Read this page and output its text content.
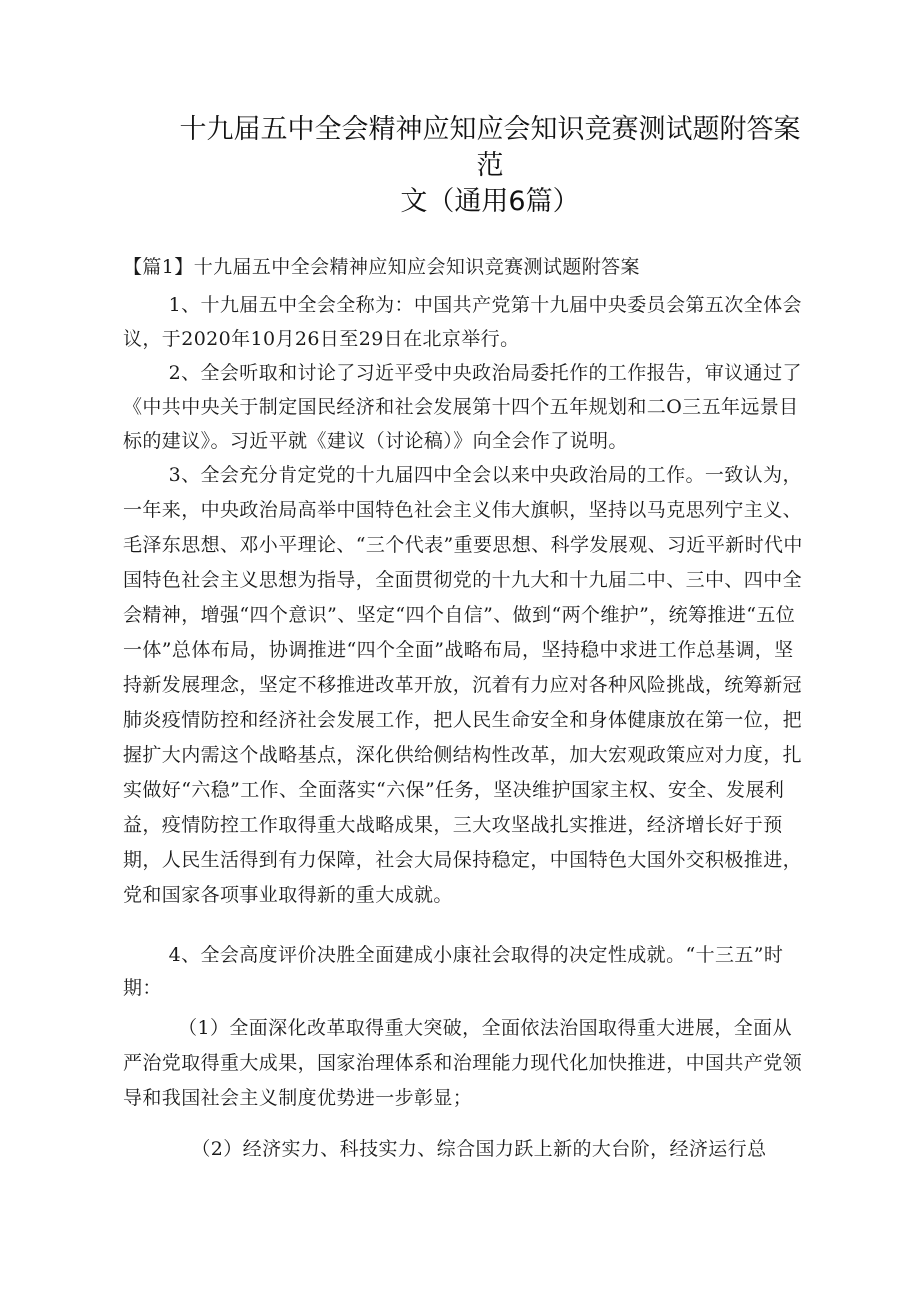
十九届五中全会精神应知应会知识竞赛测试题附答案范
文（通用6篇）
【篇1】十九届五中全会精神应知应会知识竞赛测试题附答案

1、十九届五中全会全称为：中国共产党第十九届中央委员会第五次全体会议，于2020年10月26日至29日在北京举行。

2、全会听取和讨论了习近平受中央政治局委托作的工作报告，审议通过了《中共中央关于制定国民经济和社会发展第十四个五年规划和二O三五年远景目标的建议》。习近平就《建议（讨论稿）》向全会作了说明。

3、全会充分肯定党的十九届四中全会以来中央政治局的工作。一致认为，一年来，中央政治局高举中国特色社会主义伟大旗帜，坚持以马克思列宁主义、毛泽东思想、邓小平理论、“三个代表”重要思想、科学发展观、习近平新时代中国特色社会主义思想为指导，全面贯彻党的十九大和十九届二中、三中、四中全会精神，增强“四个意识”、坚定“四个自信”、做到“两个维护”，统筹推进“五位一体”总体布局，协调推进“四个全面”战略布局，坚持稳中求进工作总基调，坚持新发展理念，坚定不移推进改革开放，沉着有力应对各种风险挑战，统筹新冠肺炎疫情防控和经济社会发展工作，把人民生命安全和身体健康放在第一位，把握扩大内需这个战略基点，深化供给侧结构性改革，加大宏观政策应对力度，扎实做好“六稳”工作、全面落实“六保”任务，坚决维护国家主权、安全、发展利益，疫情防控工作取得重大战略成果，三大攻坚战扎实推进，经济增长好于预期，人民生活得到有力保障，社会大局保持稳定，中国特色大国外交积极推进，党和国家各项事业取得新的重大成就。

4、全会高度评价决胜全面建成小康社会取得的决定性成就。“十三五”时期：

（1）全面深化改革取得重大突破，全面依法治国取得重大进展，全面从严治党取得重大成果，国家治理体系和治理能力现代化加快推进，中国共产党领导和我国社会主义制度优势进一步彰显；

（2）经济实力、科技实力、综合国力跃上新的大台阶，经济运行总
